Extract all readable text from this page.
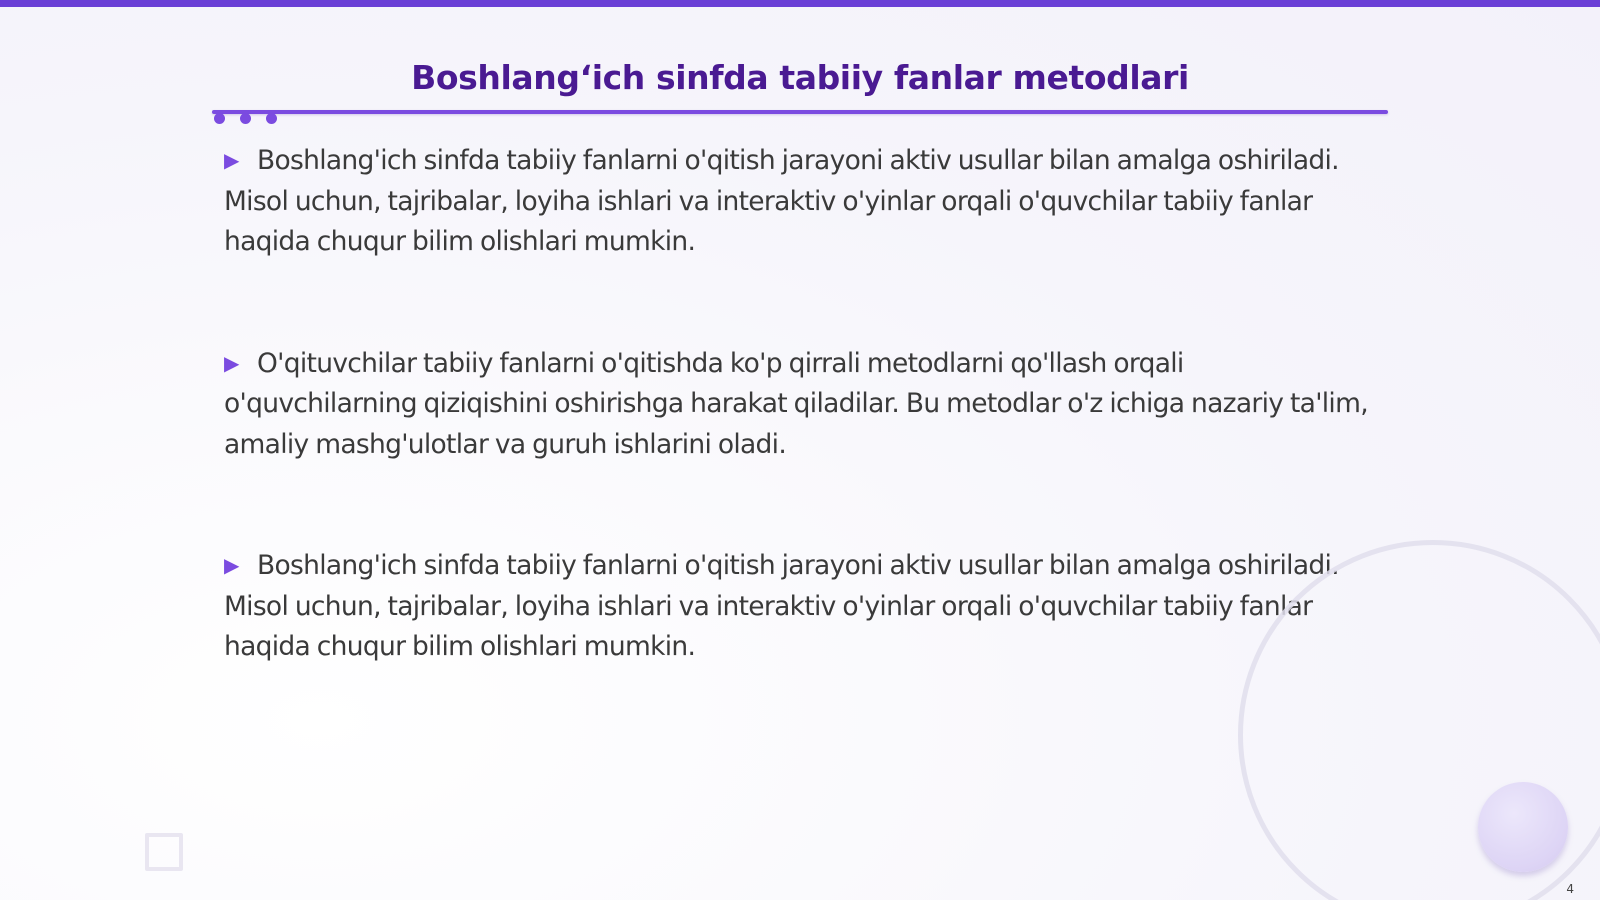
Boshlang‘ich sinfda tabiiy fanlar metodlari
▶ Boshlang'ich sinfda tabiiy fanlarni o'qitish jarayoni aktiv usullar bilan amalga oshiriladi. Misol uchun, tajribalar, loyiha ishlari va interaktiv o'yinlar orqali o'quvchilar tabiiy fanlar haqida chuqur bilim olishlari mumkin.
▶ O'qituvchilar tabiiy fanlarni o'qitishda ko'p qirrali metodlarni qo'llash orqali o'quvchilarning qiziqishini oshirishga harakat qiladilar. Bu metodlar o'z ichiga nazariy ta'lim, amaliy mashg'ulotlar va guruh ishlarini oladi.
▶ Boshlang'ich sinfda tabiiy fanlarni o'qitish jarayoni aktiv usullar bilan amalga oshiriladi. Misol uchun, tajribalar, loyiha ishlari va interaktiv o'yinlar orqali o'quvchilar tabiiy fanlar haqida chuqur bilim olishlari mumkin.
4
